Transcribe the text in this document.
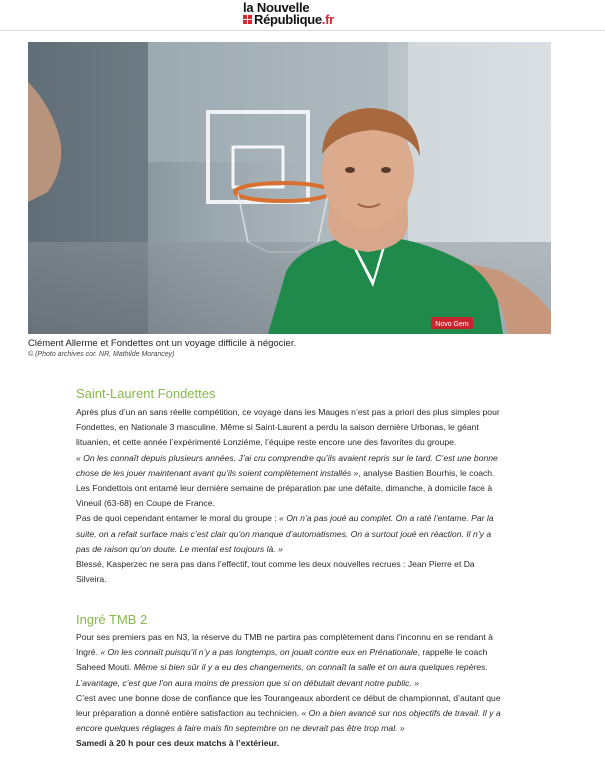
la Nouvelle
République .fr
Novo Gem
Clément Allerme et Fondettes ont un voyage difficile à négocier.
© (Photo archives cor. NR, Mathilde Morancey)
Saint-Laurent Fondettes

Après plus d’un an sans réelle compétition, ce voyage dans les Mauges n’est pas a priori des plus simples pour Fondettes, en Nationale 3 masculine. Même si Saint-Laurent a perdu la saison dernière Urbonas, le géant lituanien, et cette année l’expérimenté Lonziéme, l’équipe reste encore une des favorites du groupe.

« On les connaît depuis plusieurs années. J’ai cru comprendre qu’ils avaient repris sur le tard. C’est une bonne chose de les jouer maintenant avant qu’ils soient complètement installés », analyse Bastien Bourhis, le coach. Les Fondettois ont entamé leur dernière semaine de préparation par une défaite, dimanche, à domicile face à Vineuil (63-68) en Coupe de France.

Pas de quoi cependant entamer le moral du groupe : « On n’a pas joué au complet. On a raté l’entame. Par la suite, on a refait surface mais c’est clair qu’on manque d’automatismes. On a surtout joué en réaction. Il n’y a pas de raison qu’on doute. Le mental est toujours là. »

Blessé, Kasperzec ne sera pas dans l’effectif, tout comme les deux nouvelles recrues : Jean Pierre et Da Silveira.

Ingré TMB 2

Pour ses premiers pas en N3, la réserve du TMB ne partira pas complètement dans l’inconnu en se rendant à Ingré. « On les connaît puisqu’il n’y a pas longtemps, on jouait contre eux en Prénationale, rappelle le coach Saheed Mouti. Même si bien sûr il y a eu des changements, on connaît la salle et on aura quelques repères. L’avantage, c’est que l’on aura moins de pression que si on débutait devant notre public. »

C’est avec une bonne dose de confiance que les Tourangeaux abordent ce début de championnat, d’autant que leur préparation a donné entière satisfaction au technicien. « On a bien avancé sur nos objectifs de travail. Il y a encore quelques réglages à faire mais fin septembre on ne devrait pas être trop mal. »

Samedi à 20 h pour ces deux matchs à l’extérieur.
